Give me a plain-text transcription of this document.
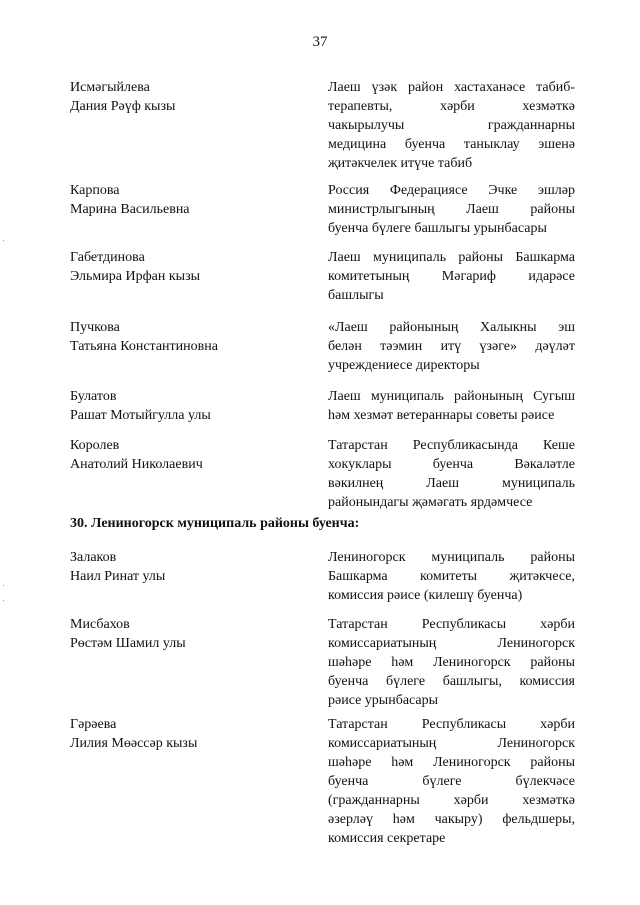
37
Исмәгыйлева
Дания Рәүф кызы
Лаеш үзәк район хастаханәсе табиб-
терапевты, хәрби хезмәткә
чакырылучы гражданнарны
медицина буенча таныклау эшенә
җитәкчелек итүче табиб
Карпова
Марина Васильевна
Россия Федерациясе Эчке эшләр
министрлыгының Лаеш районы
буенча бүлеге башлыгы урынбасары
Габетдинова
Эльмира Ирфан кызы
Лаеш муниципаль районы Башкарма
комитетының Мәгариф идарәсе
башлыгы
Пучкова
Татьяна Константиновна
«Лаеш районының Халыкны эш
белән тәэмин итү үзәге» дәүләт
учреждениесе директоры
Булатов
Рашат Мотыйгулла улы
Лаеш муниципаль районының Сугыш
һәм хезмәт ветераннары советы рәисе
Королев
Анатолий Николаевич
Татарстан Республикасында Кеше
хокуклары буенча Вәкаләтле
вәкилнең Лаеш муниципаль
районындагы җәмәгать ярдәмчесе
30. Лениногорск муниципаль районы буенча:
Залаков
Наил Ринат улы
Лениногорск муниципаль районы
Башкарма комитеты җитәкчесе,
комиссия рәисе (килешү буенча)
Мисбахов
Рөстәм Шамил улы
Татарстан Республикасы хәрби
комиссариатының Лениногорск
шәһәре һәм Лениногорск районы
буенча бүлеге башлыгы, комиссия
рәисе урынбасары
Гәрәева
Лилия Мөәссәр кызы
Татарстан Республикасы хәрби
комиссариатының Лениногорск
шәһәре һәм Лениногорск районы
буенча бүлеге бүлекчәсе
(гражданнарны хәрби хезмәткә
әзерләү һәм чакыру) фельдшеры,
комиссия секретаре
